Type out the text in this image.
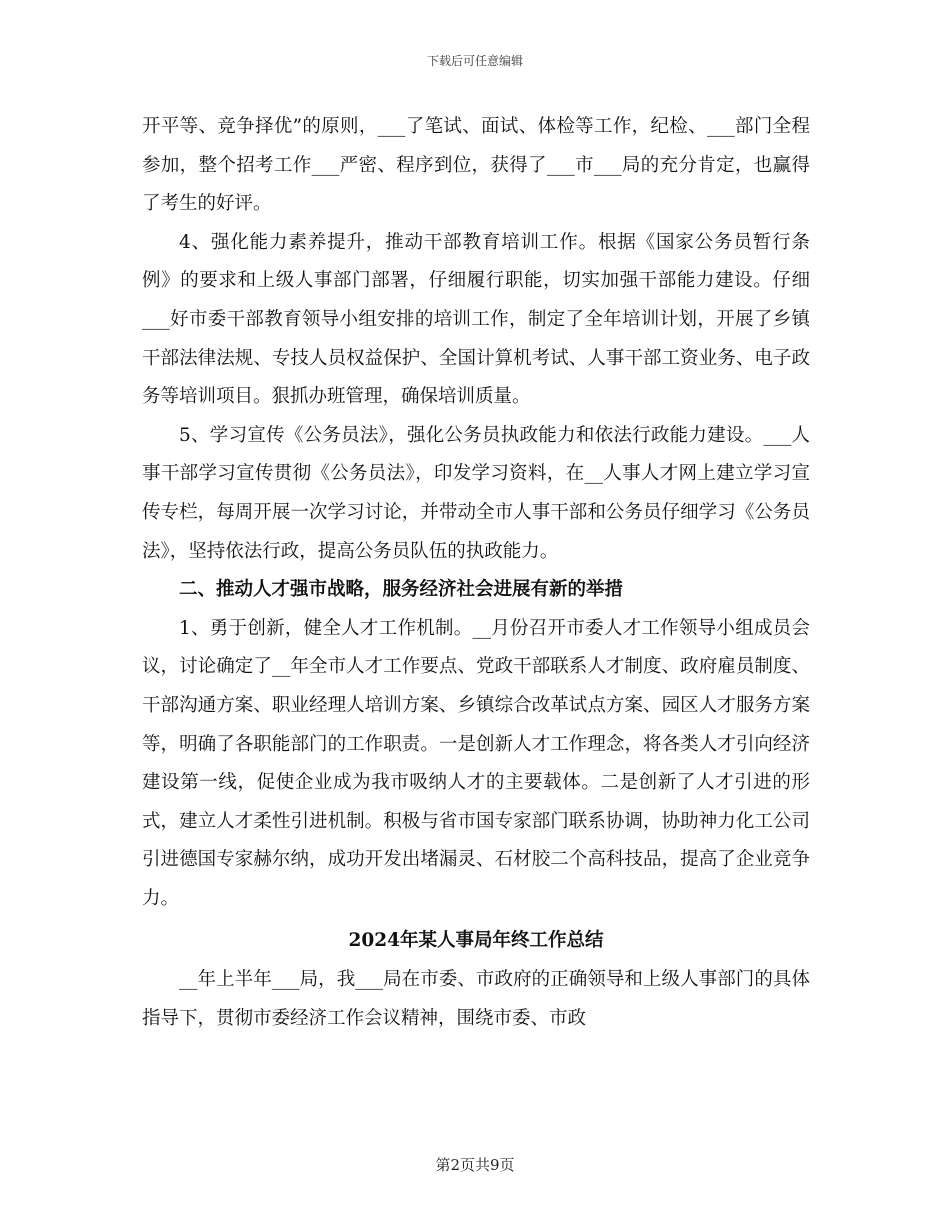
下载后可任意编辑

开平等、竞争择优”的原则，___了笔试、面试、体检等工作，纪检、___部门全程参加，整个招考工作___严密、程序到位，获得了___市___局的充分肯定，也赢得了考生的好评。

4、强化能力素养提升，推动干部教育培训工作。根据《国家公务员暂行条例》的要求和上级人事部门部署，仔细履行职能，切实加强干部能力建设。仔细___好市委干部教育领导小组安排的培训工作，制定了全年培训计划，开展了乡镇干部法律法规、专技人员权益保护、全国计算机考试、人事干部工资业务、电子政务等培训项目。狠抓办班管理，确保培训质量。

5、学习宣传《公务员法》，强化公务员执政能力和依法行政能力建设。___人事干部学习宣传贯彻《公务员法》，印发学习资料，在__人事人才网上建立学习宣传专栏，每周开展一次学习讨论，并带动全市人事干部和公务员仔细学习《公务员法》，坚持依法行政，提高公务员队伍的执政能力。

二、推动人才强市战略，服务经济社会进展有新的举措

1、勇于创新，健全人才工作机制。__月份召开市委人才工作领导小组成员会议，讨论确定了__年全市人才工作要点、党政干部联系人才制度、政府雇员制度、干部沟通方案、职业经理人培训方案、乡镇综合改革试点方案、园区人才服务方案等，明确了各职能部门的工作职责。一是创新人才工作理念，将各类人才引向经济建设第一线，促使企业成为我市吸纳人才的主要载体。二是创新了人才引进的形式，建立人才柔性引进机制。积极与省市国专家部门联系协调，协助神力化工公司引进德国专家赫尔纳，成功开发出堵漏灵、石材胶二个高科技品，提高了企业竞争力。

2024年某人事局年终工作总结

__年上半年___局，我___局在市委、市政府的正确领导和上级人事部门的具体指导下，贯彻市委经济工作会议精神，围绕市委、市政

第2页共9页
